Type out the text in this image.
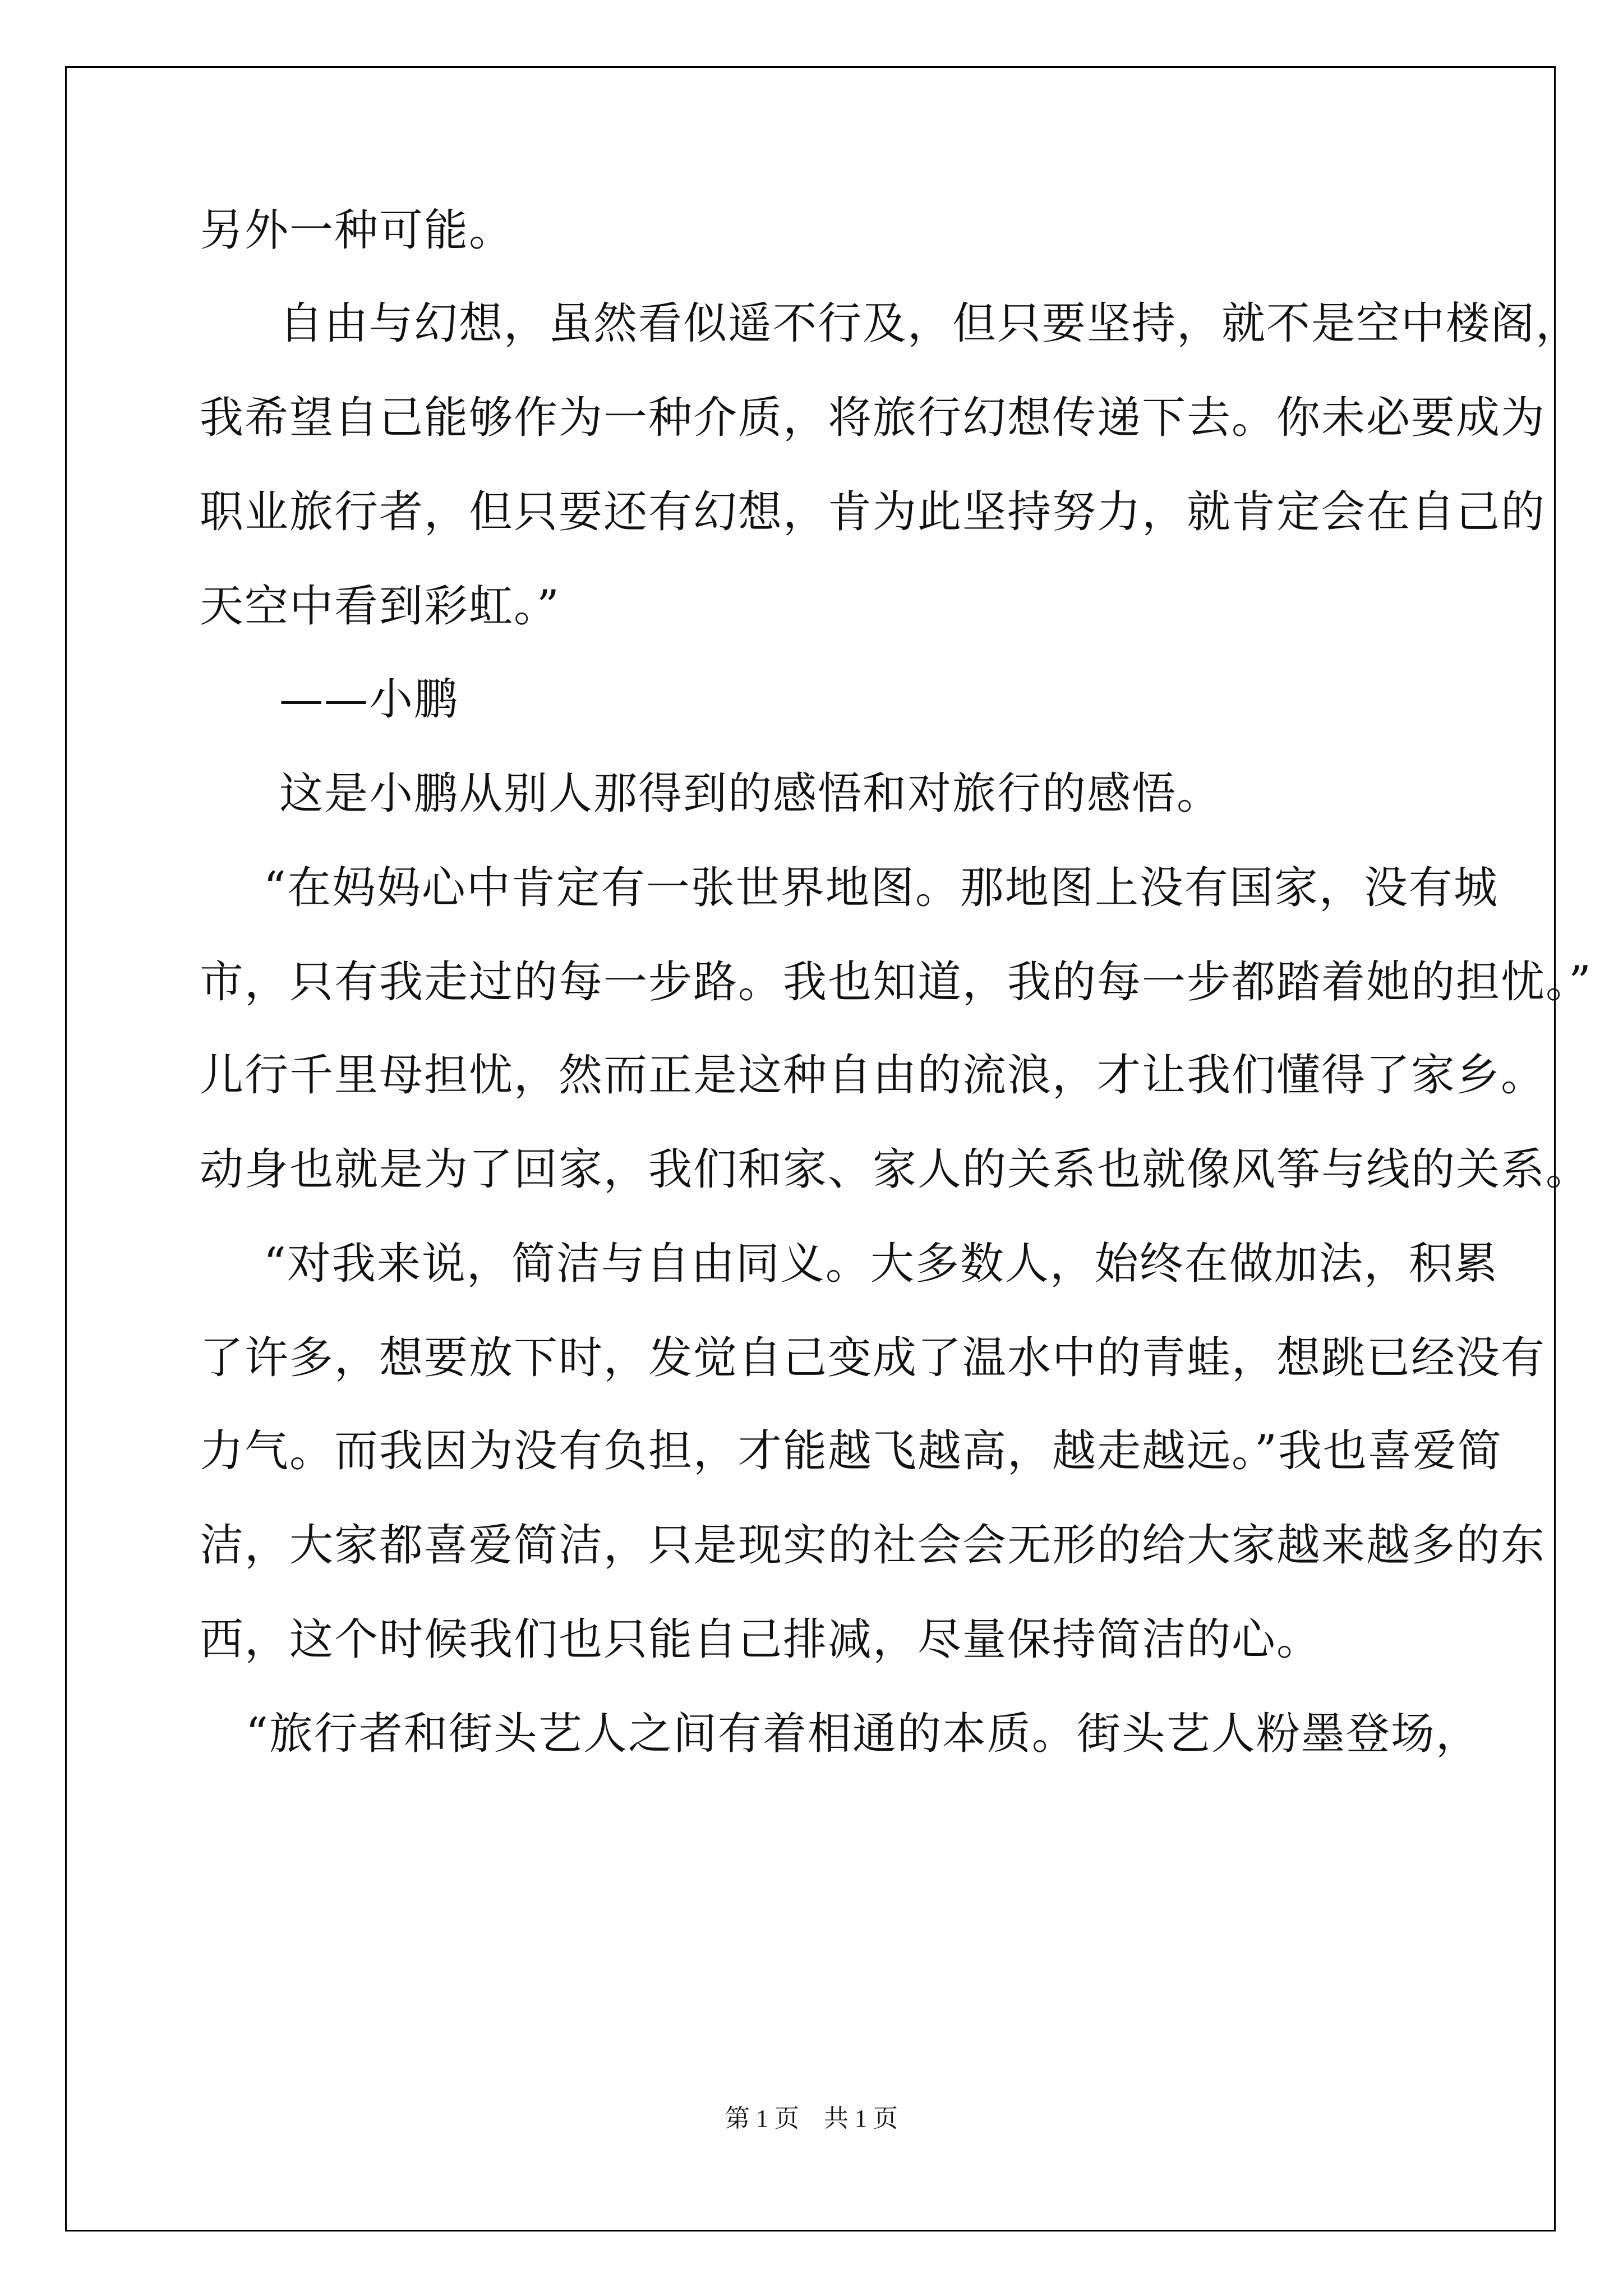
另外一种可能。

自由与幻想，虽然看似遥不行及，但只要坚持，就不是空中楼阁，

我希望自己能够作为一种介质，将旅行幻想传递下去。你未必要成为

职业旅行者，但只要还有幻想，肯为此坚持努力，就肯定会在自己的

天空中看到彩虹。”

——小鹏

这是小鹏从别人那得到的感悟和对旅行的感悟。

“在妈妈心中肯定有一张世界地图。那地图上没有国家，没有城

市，只有我走过的每一步路。我也知道，我的每一步都踏着她的担忧。”

儿行千里母担忧，然而正是这种自由的流浪，才让我们懂得了家乡。

动身也就是为了回家，我们和家、家人的关系也就像风筝与线的关系。

“对我来说，简洁与自由同义。大多数人，始终在做加法，积累

了许多，想要放下时，发觉自己变成了温水中的青蛙，想跳已经没有

力气。而我因为没有负担，才能越飞越高，越走越远。”我也喜爱简

洁，大家都喜爱简洁，只是现实的社会会无形的给大家越来越多的东

西，这个时候我们也只能自己排减，尽量保持简洁的心。

“旅行者和街头艺人之间有着相通的本质。街头艺人粉墨登场，

第 1 页　共 1 页
